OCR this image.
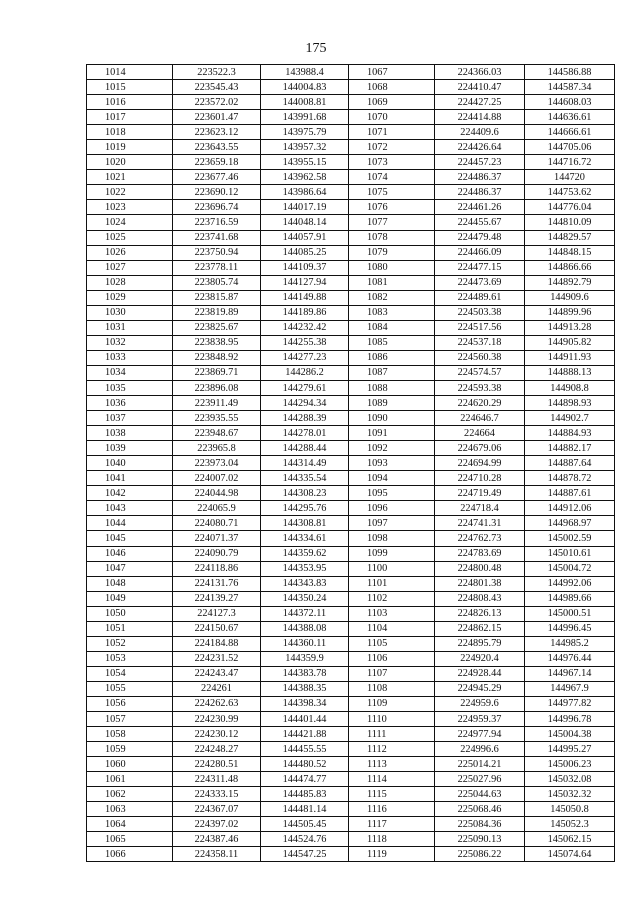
175
1014	223522.3	143988.4	1067	224366.03	144586.88
1015	223545.43	144004.83	1068	224410.47	144587.34
1016	223572.02	144008.81	1069	224427.25	144608.03
1017	223601.47	143991.68	1070	224414.88	144636.61
1018	223623.12	143975.79	1071	224409.6	144666.61
1019	223643.55	143957.32	1072	224426.64	144705.06
1020	223659.18	143955.15	1073	224457.23	144716.72
1021	223677.46	143962.58	1074	224486.37	144720
1022	223690.12	143986.64	1075	224486.37	144753.62
1023	223696.74	144017.19	1076	224461.26	144776.04
1024	223716.59	144048.14	1077	224455.67	144810.09
1025	223741.68	144057.91	1078	224479.48	144829.57
1026	223750.94	144085.25	1079	224466.09	144848.15
1027	223778.11	144109.37	1080	224477.15	144866.66
1028	223805.74	144127.94	1081	224473.69	144892.79
1029	223815.87	144149.88	1082	224489.61	144909.6
1030	223819.89	144189.86	1083	224503.38	144899.96
1031	223825.67	144232.42	1084	224517.56	144913.28
1032	223838.95	144255.38	1085	224537.18	144905.82
1033	223848.92	144277.23	1086	224560.38	144911.93
1034	223869.71	144286.2	1087	224574.57	144888.13
1035	223896.08	144279.61	1088	224593.38	144908.8
1036	223911.49	144294.34	1089	224620.29	144898.93
1037	223935.55	144288.39	1090	224646.7	144902.7
1038	223948.67	144278.01	1091	224664	144884.93
1039	223965.8	144288.44	1092	224679.06	144882.17
1040	223973.04	144314.49	1093	224694.99	144887.64
1041	224007.02	144335.54	1094	224710.28	144878.72
1042	224044.98	144308.23	1095	224719.49	144887.61
1043	224065.9	144295.76	1096	224718.4	144912.06
1044	224080.71	144308.81	1097	224741.31	144968.97
1045	224071.37	144334.61	1098	224762.73	145002.59
1046	224090.79	144359.62	1099	224783.69	145010.61
1047	224118.86	144353.95	1100	224800.48	145004.72
1048	224131.76	144343.83	1101	224801.38	144992.06
1049	224139.27	144350.24	1102	224808.43	144989.66
1050	224127.3	144372.11	1103	224826.13	145000.51
1051	224150.67	144388.08	1104	224862.15	144996.45
1052	224184.88	144360.11	1105	224895.79	144985.2
1053	224231.52	144359.9	1106	224920.4	144976.44
1054	224243.47	144383.78	1107	224928.44	144967.14
1055	224261	144388.35	1108	224945.29	144967.9
1056	224262.63	144398.34	1109	224959.6	144977.82
1057	224230.99	144401.44	1110	224959.37	144996.78
1058	224230.12	144421.88	1111	224977.94	145004.38
1059	224248.27	144455.55	1112	224996.6	144995.27
1060	224280.51	144480.52	1113	225014.21	145006.23
1061	224311.48	144474.77	1114	225027.96	145032.08
1062	224333.15	144485.83	1115	225044.63	145032.32
1063	224367.07	144481.14	1116	225068.46	145050.8
1064	224397.02	144505.45	1117	225084.36	145052.3
1065	224387.46	144524.76	1118	225090.13	145062.15
1066	224358.11	144547.25	1119	225086.22	145074.64
